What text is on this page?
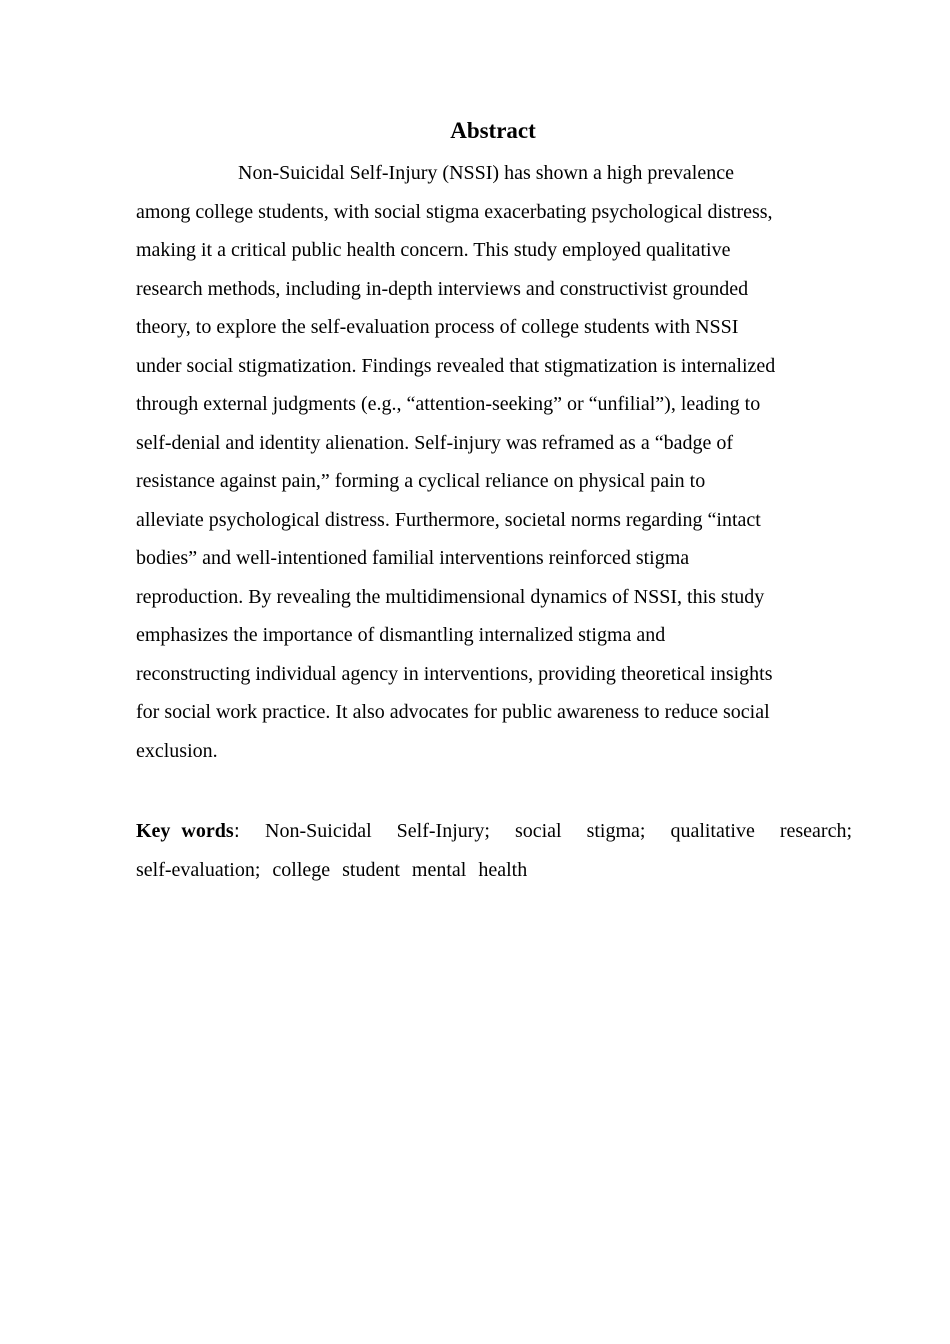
Abstract
Non-Suicidal Self-Injury (NSSI) has shown a high prevalence
among college students, with social stigma exacerbating psychological distress,
making it a critical public health concern. This study employed qualitative
research methods, including in-depth interviews and constructivist grounded
theory, to explore the self-evaluation process of college students with NSSI
under social stigmatization. Findings revealed that stigmatization is internalized
through external judgments (e.g., “attention-seeking” or “unfilial”), leading to
self-denial and identity alienation. Self-injury was reframed as a “badge of
resistance against pain,” forming a cyclical reliance on physical pain to
alleviate psychological distress. Furthermore, societal norms regarding “intact
bodies” and well-intentioned familial interventions reinforced stigma
reproduction. By revealing the multidimensional dynamics of NSSI, this study
emphasizes the importance of dismantling internalized stigma and
reconstructing individual agency in interventions, providing theoretical insights
for social work practice. It also advocates for public awareness to reduce social
exclusion.
Key words: Non-Suicidal Self-Injury; social stigma; qualitative research;
self-evaluation; college student mental health
